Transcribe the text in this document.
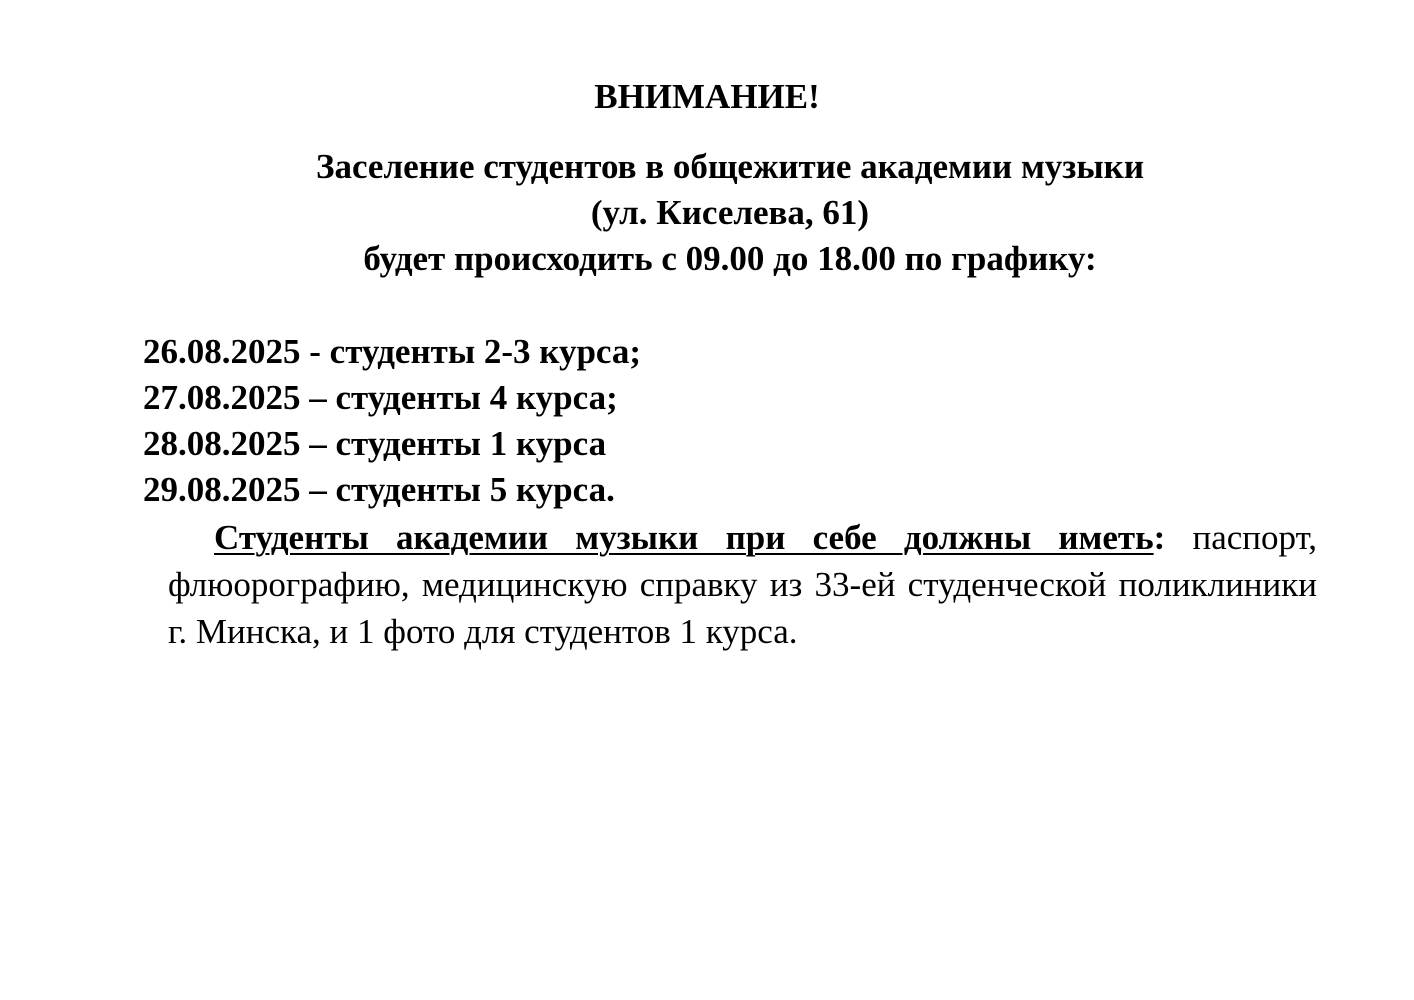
ВНИМАНИЕ!
Заселение студентов в общежитие академии музыки
(ул. Киселева, 61)
будет происходить с 09.00 до 18.00 по графику:
26.08.2025 - студенты 2-3 курса;
27.08.2025 – студенты 4 курса;
28.08.2025 – студенты 1 курса
29.08.2025 – студенты 5 курса.

Студенты академии музыки при себе должны иметь: паспорт, флюорографию, медицинскую справку из 33-ей студенческой поликлиники г. Минска, и 1 фото для студентов 1 курса.
